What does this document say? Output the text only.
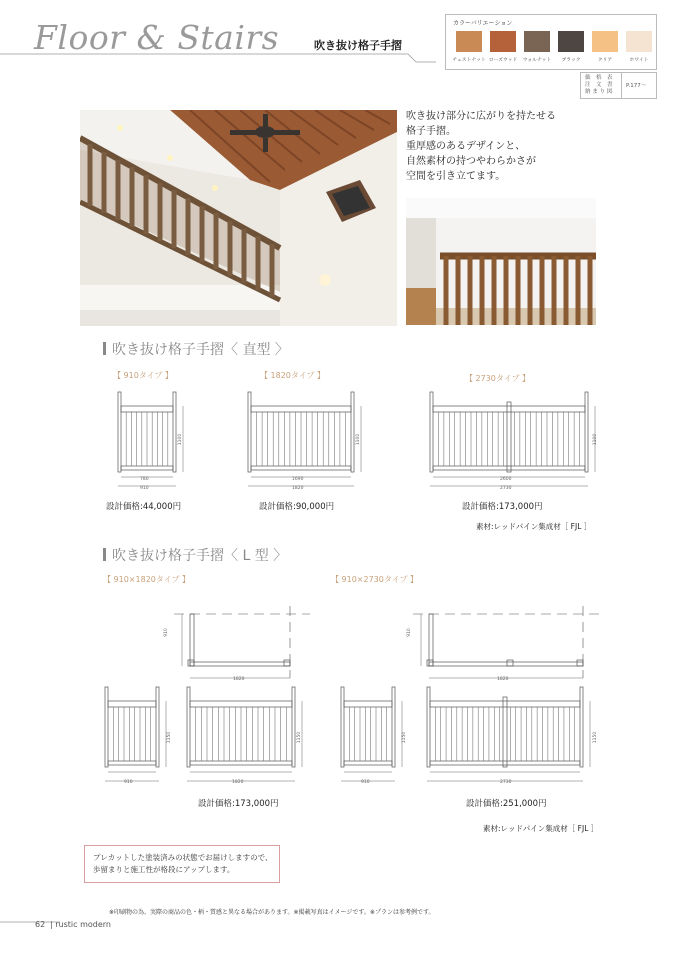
Floor & Stairs	吹き抜け格子手摺
カラーバリエーション
チェストナット ローズウッド	ウォルナット	ブラック	クリア	ホワイト
価　格　表
注　文　書
納 ま り 図
P.177～
吹き抜け部分に広がりを持たせる
格子手摺。
重厚感のあるデザインと、
自然素材の持つやわらかさが
空間を引き立てます。
吹き抜け格子手摺〈 直型 〉
【 910タイプ 】	【 1820タイプ 】	【 2730タイプ 】
780
910
1100
1690
1820
1100
2600
2730
1100
設計価格:44,000円	設計価格:90,000円	設計価格:173,000円
素材:レッドパイン集成材［ FJL ］
吹き抜け格子手摺〈 L 型 〉
【 910×1820タイプ 】	【 910×2730タイプ 】
910
1820
910
1820
910	1820
1150	1150
910	2730
1150	1150
設計価格:173,000円	設計価格:251,000円
素材:レッドパイン集成材［ FJL ］
プレカットした塗装済みの状態でお届けしますので、
歩留まりと施工性が格段にアップします。
※印刷物の為、実際の商品の色・柄・質感と異なる場合があります。※掲載写真はイメージです。※プランは参考例です。
62 | rustic modern
